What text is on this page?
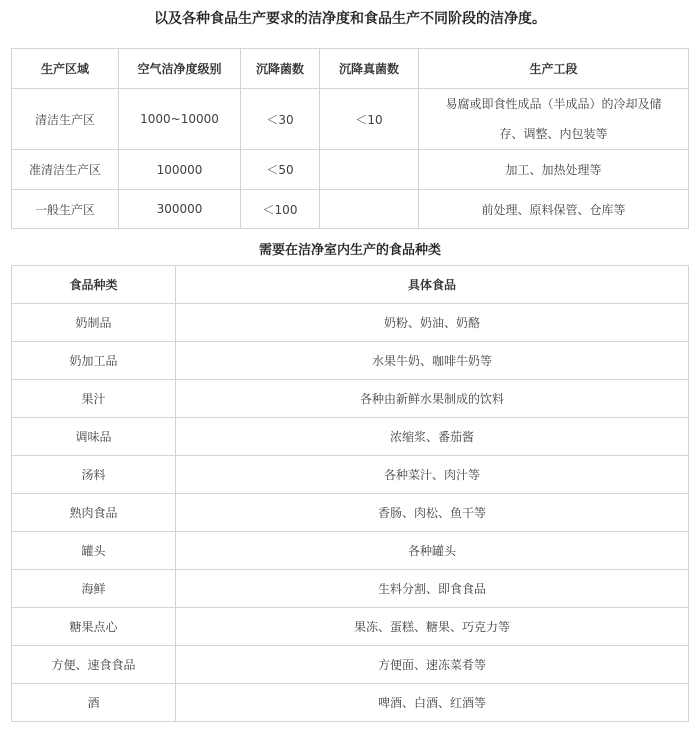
以及各种食品生产要求的洁净度和食品生产不同阶段的洁净度。
生产区域	空气洁净度级别	沉降菌数	沉降真菌数	生产工段
清洁生产区	1000~10000	＜30	＜10	易腐或即食性成品（半成品）的冷却及储存、调整、内包装等
准清洁生产区	100000	＜50		加工、加热处理等
一般生产区	300000	＜100		前处理、原料保管、仓库等
需要在洁净室内生产的食品种类
食品种类	具体食品
奶制品	奶粉、奶油、奶酪
奶加工品	水果牛奶、咖啡牛奶等
果汁	各种由新鲜水果制成的饮料
调味品	浓缩浆、番茄酱
汤料	各种菜汁、肉汁等
熟肉食品	香肠、肉松、鱼干等
罐头	各种罐头
海鲜	生料分割、即食食品
糖果点心	果冻、蛋糕、糖果、巧克力等
方便、速食食品	方便面、速冻菜肴等
酒	啤酒、白酒、红酒等
